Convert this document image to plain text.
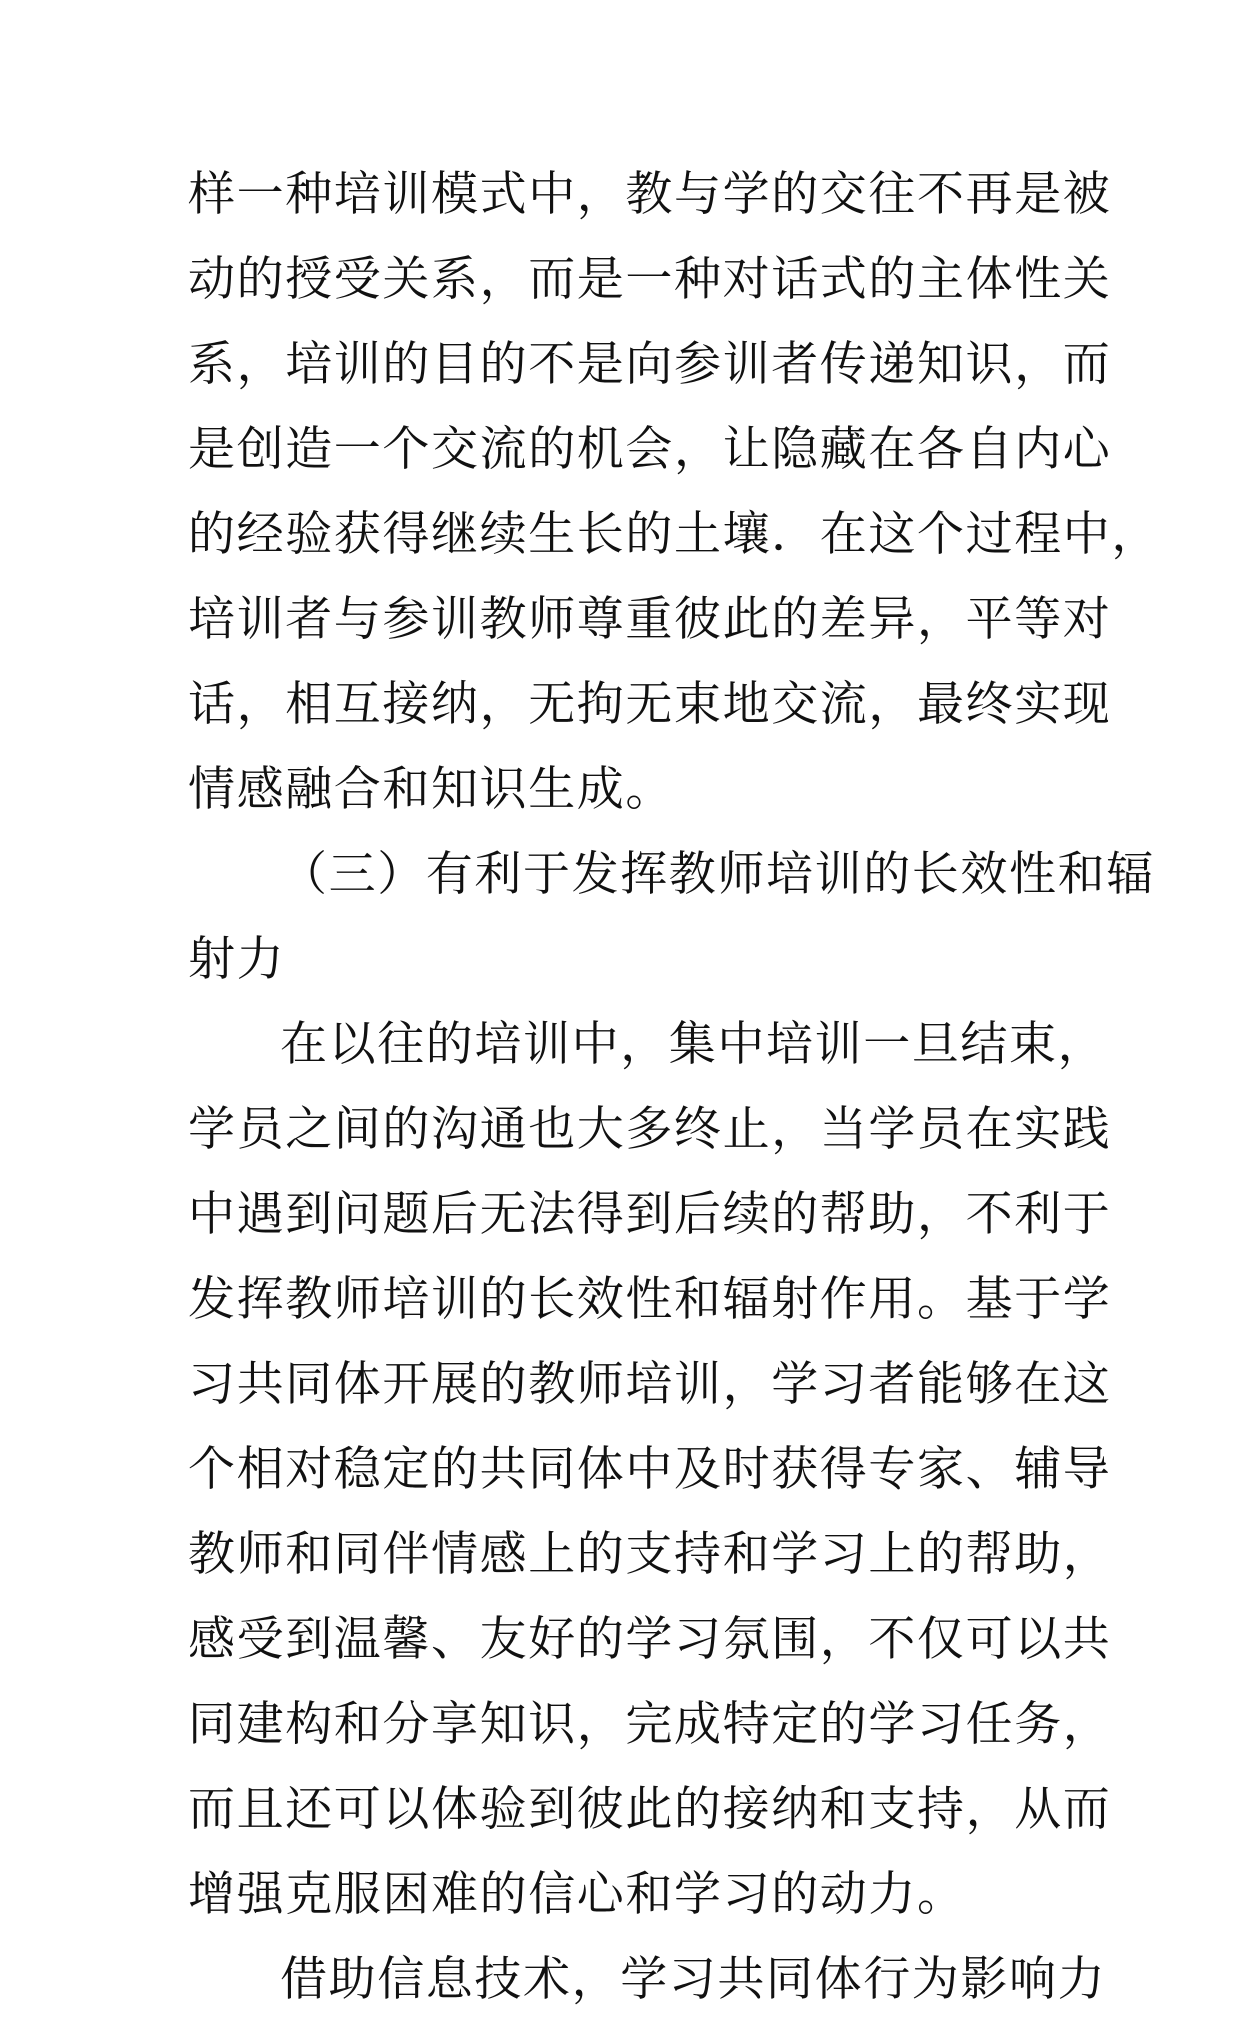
样一种培训模式中，教与学的交往不再是被
动的授受关系，而是一种对话式的主体性关
系，培训的目的不是向参训者传递知识，而
是创造一个交流的机会，让隐藏在各自内心
的经验获得继续生长的土壤．在这个过程中，
培训者与参训教师尊重彼此的差异，平等对
话，相互接纳，无拘无束地交流，最终实现
情感融合和知识生成。
（三）有利于发挥教师培训的长效性和辐
射力
在以往的培训中，集中培训一旦结束，
学员之间的沟通也大多终止，当学员在实践
中遇到问题后无法得到后续的帮助，不利于
发挥教师培训的长效性和辐射作用。基于学
习共同体开展的教师培训，学习者能够在这
个相对稳定的共同体中及时获得专家、辅导
教师和同伴情感上的支持和学习上的帮助，
感受到温馨、友好的学习氛围，不仅可以共
同建构和分享知识，完成特定的学习任务，
而且还可以体验到彼此的接纳和支持，从而
增强克服困难的信心和学习的动力。
借助信息技术，学习共同体行为影响力
